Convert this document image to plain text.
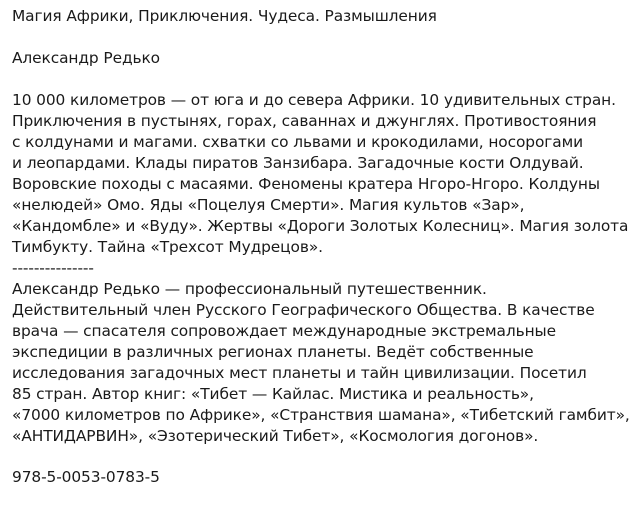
Магия Африки, Приключения. Чудеса. Размышления
Александр Редько
10 000 километров — от юга и до севера Африки. 10 удивительных стран.
Приключения в пустынях, горах, саваннах и джунглях. Противостояния
с колдунами и магами. схватки со львами и крокодилами, носорогами
и леопардами. Клады пиратов Занзибара. Загадочные кости Олдувай.
Воровские походы с масаями. Феномены кратера Нгоро-Нгоро. Колдуны
«нелюдей» Омо. Яды «Поцелуя Смерти». Магия культов «Зар»,
«Кандомбле» и «Вуду». Жертвы «Дороги Золотых Колесниц». Магия золота
Тимбукту. Тайна «Трехсот Мудрецов».
---------------
Александр Редько — профессиональный путешественник.
Действительный член Русского Географического Общества. В качестве
врача — спасателя сопровождает международные экстремальные
экспедиции в различных регионах планеты. Ведёт собственные
исследования загадочных мест планеты и тайн цивилизации. Посетил
85 стран. Автор книг: «Тибет — Кайлас. Мистика и реальность»,
«7000 километров по Африке», «Странствия шамана», «Тибетский гамбит»,
«АНТИДАРВИН», «Эзотерический Тибет», «Космология догонов».
978-5-0053-0783-5
